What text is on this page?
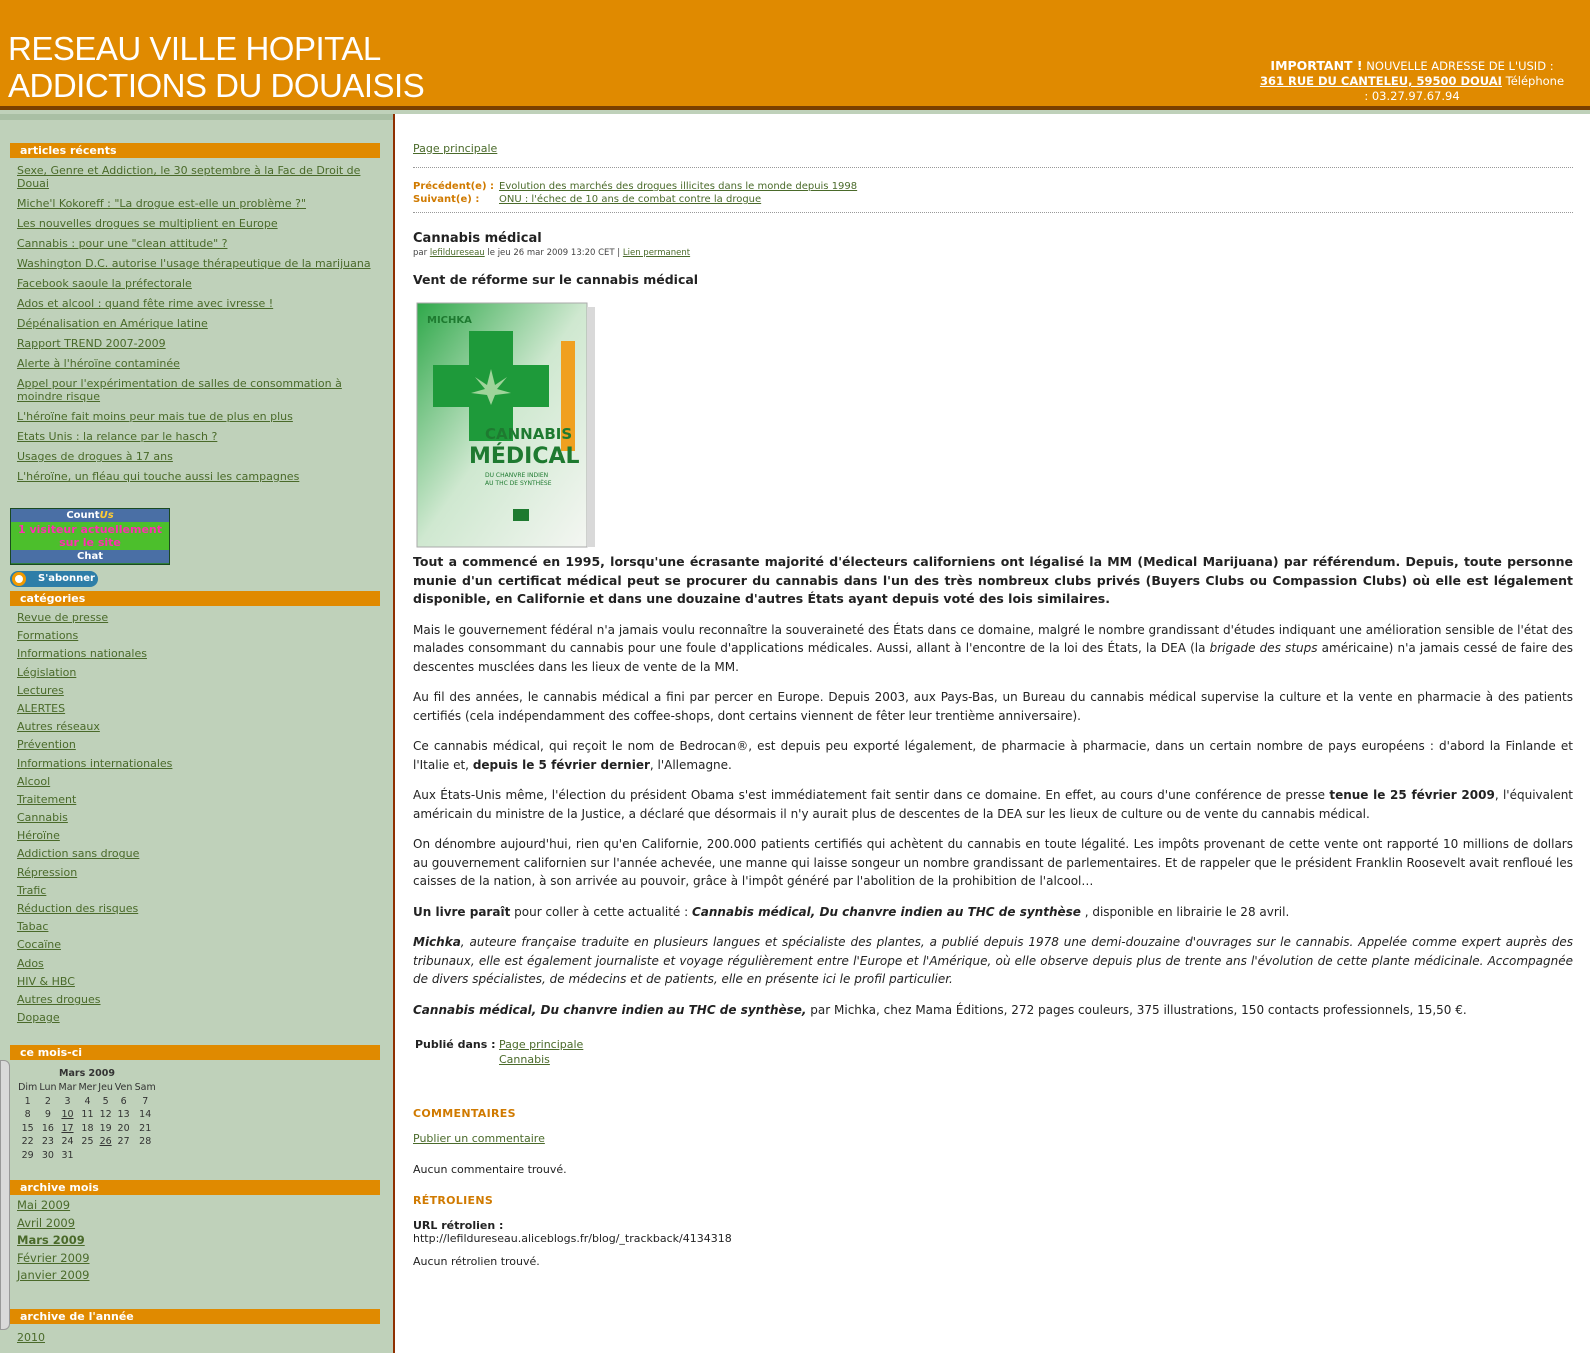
RESEAU VILLE HOPITAL
ADDICTIONS DU DOUAISIS
IMPORTANT ! NOUVELLE ADRESSE DE L'USID :
361 RUE DU CANTELEU, 59500 DOUAI Téléphone
: 03.27.97.67.94
articles récents
Sexe, Genre et Addiction, le 30 septembre à la Fac de Droit de Douai
Miche'l Kokoreff : "La drogue est-elle un problème ?"
Les nouvelles drogues se multiplient en Europe
Cannabis : pour une "clean attitude" ?
Washington D.C. autorise l'usage thérapeutique de la marijuana
Facebook saoule la préfectorale
Ados et alcool : quand fête rime avec ivresse !
Dépénalisation en Amérique latine
Rapport TREND 2007-2009
Alerte à l'héroïne contaminée
Appel pour l'expérimentation de salles de consommation à moindre risque
L'héroïne fait moins peur mais tue de plus en plus
Etats Unis : la relance par le hasch ?
Usages de drogues à 17 ans
L'héroïne, un fléau qui touche aussi les campagnes
CountUs
1 visiteur actuellement sur le site
Chat
S'abonner
catégories
Revue de presse
Formations
Informations nationales
Législation
Lectures
ALERTES
Autres réseaux
Prévention
Informations internationales
Alcool
Traitement
Cannabis
Héroïne
Addiction sans drogue
Répression
Trafic
Réduction des risques
Tabac
Cocaïne
Ados
HIV & HBC
Autres drogues
Dopage
ce mois-ci
Mars 2009
Dim	Lun	Mar	Mer	Jeu	Ven	Sam
1	2	3	4	5	6	7
8	9	10	11	12	13	14
15	16	17	18	19	20	21
22	23	24	25	26	27	28
29	30	31				
archive mois
Mai 2009
Avril 2009
Mars 2009
Février 2009
Janvier 2009
archive de l'année
2010
Page principale
Précédent(e) : Evolution des marchés des drogues illicites dans le monde depuis 1998
Suivant(e) : ONU : l'échec de 10 ans de combat contre la drogue
Cannabis médical
par lefildureseau le jeu 26 mar 2009 13:20 CET | Lien permanent
Vent de réforme sur le cannabis médical
MICHKA
CANNABIS
MÉDICAL
DU CHANVRE INDIEN
AU THC DE SYNTHÈSE
Tout a commencé en 1995, lorsqu'une écrasante majorité d'électeurs californiens ont légalisé la MM (Medical Marijuana) par référendum. Depuis, toute personne munie d'un certificat médical peut se procurer du cannabis dans l'un des très nombreux clubs privés (Buyers Clubs ou Compassion Clubs) où elle est légalement disponible, en Californie et dans une douzaine d'autres États ayant depuis voté des lois similaires.
Mais le gouvernement fédéral n'a jamais voulu reconnaître la souveraineté des États dans ce domaine, malgré le nombre grandissant d'études indiquant une amélioration sensible de l'état des malades consommant du cannabis pour une foule d'applications médicales. Aussi, allant à l'encontre de la loi des États, la DEA (la brigade des stups américaine) n'a jamais cessé de faire des descentes musclées dans les lieux de vente de la MM.
Au fil des années, le cannabis médical a fini par percer en Europe. Depuis 2003, aux Pays-Bas, un Bureau du cannabis médical supervise la culture et la vente en pharmacie à des patients certifiés (cela indépendamment des coffee-shops, dont certains viennent de fêter leur trentième anniversaire).
Ce cannabis médical, qui reçoit le nom de Bedrocan®, est depuis peu exporté légalement, de pharmacie à pharmacie, dans un certain nombre de pays européens : d'abord la Finlande et l'Italie et, depuis le 5 février dernier, l'Allemagne.
Aux États-Unis même, l'élection du président Obama s'est immédiatement fait sentir dans ce domaine. En effet, au cours d'une conférence de presse tenue le 25 février 2009, l'équivalent américain du ministre de la Justice, a déclaré que désormais il n'y aurait plus de descentes de la DEA sur les lieux de culture ou de vente du cannabis médical.
On dénombre aujourd'hui, rien qu'en Californie, 200.000 patients certifiés qui achètent du cannabis en toute légalité. Les impôts provenant de cette vente ont rapporté 10 millions de dollars au gouvernement californien sur l'année achevée, une manne qui laisse songeur un nombre grandissant de parlementaires. Et de rappeler que le président Franklin Roosevelt avait renfloué les caisses de la nation, à son arrivée au pouvoir, grâce à l'impôt généré par l'abolition de la prohibition de l'alcool…
Un livre paraît pour coller à cette actualité : Cannabis médical, Du chanvre indien au THC de synthèse , disponible en librairie le 28 avril.
Michka, auteure française traduite en plusieurs langues et spécialiste des plantes, a publié depuis 1978 une demi-douzaine d'ouvrages sur le cannabis. Appelée comme expert auprès des tribunaux, elle est également journaliste et voyage régulièrement entre l'Europe et l'Amérique, où elle observe depuis plus de trente ans l'évolution de cette plante médicinale. Accompagnée de divers spécialistes, de médecins et de patients, elle en présente ici le profil particulier.
Cannabis médical, Du chanvre indien au THC de synthèse, par Michka, chez Mama Éditions, 272 pages couleurs, 375 illustrations, 150 contacts professionnels, 15,50 €.
Publié dans : Page principale
Cannabis
COMMENTAIRES
Publier un commentaire
Aucun commentaire trouvé.
RÉTROLIENS
URL rétrolien :
http://lefildureseau.aliceblogs.fr/blog/_trackback/4134318
Aucun rétrolien trouvé.
